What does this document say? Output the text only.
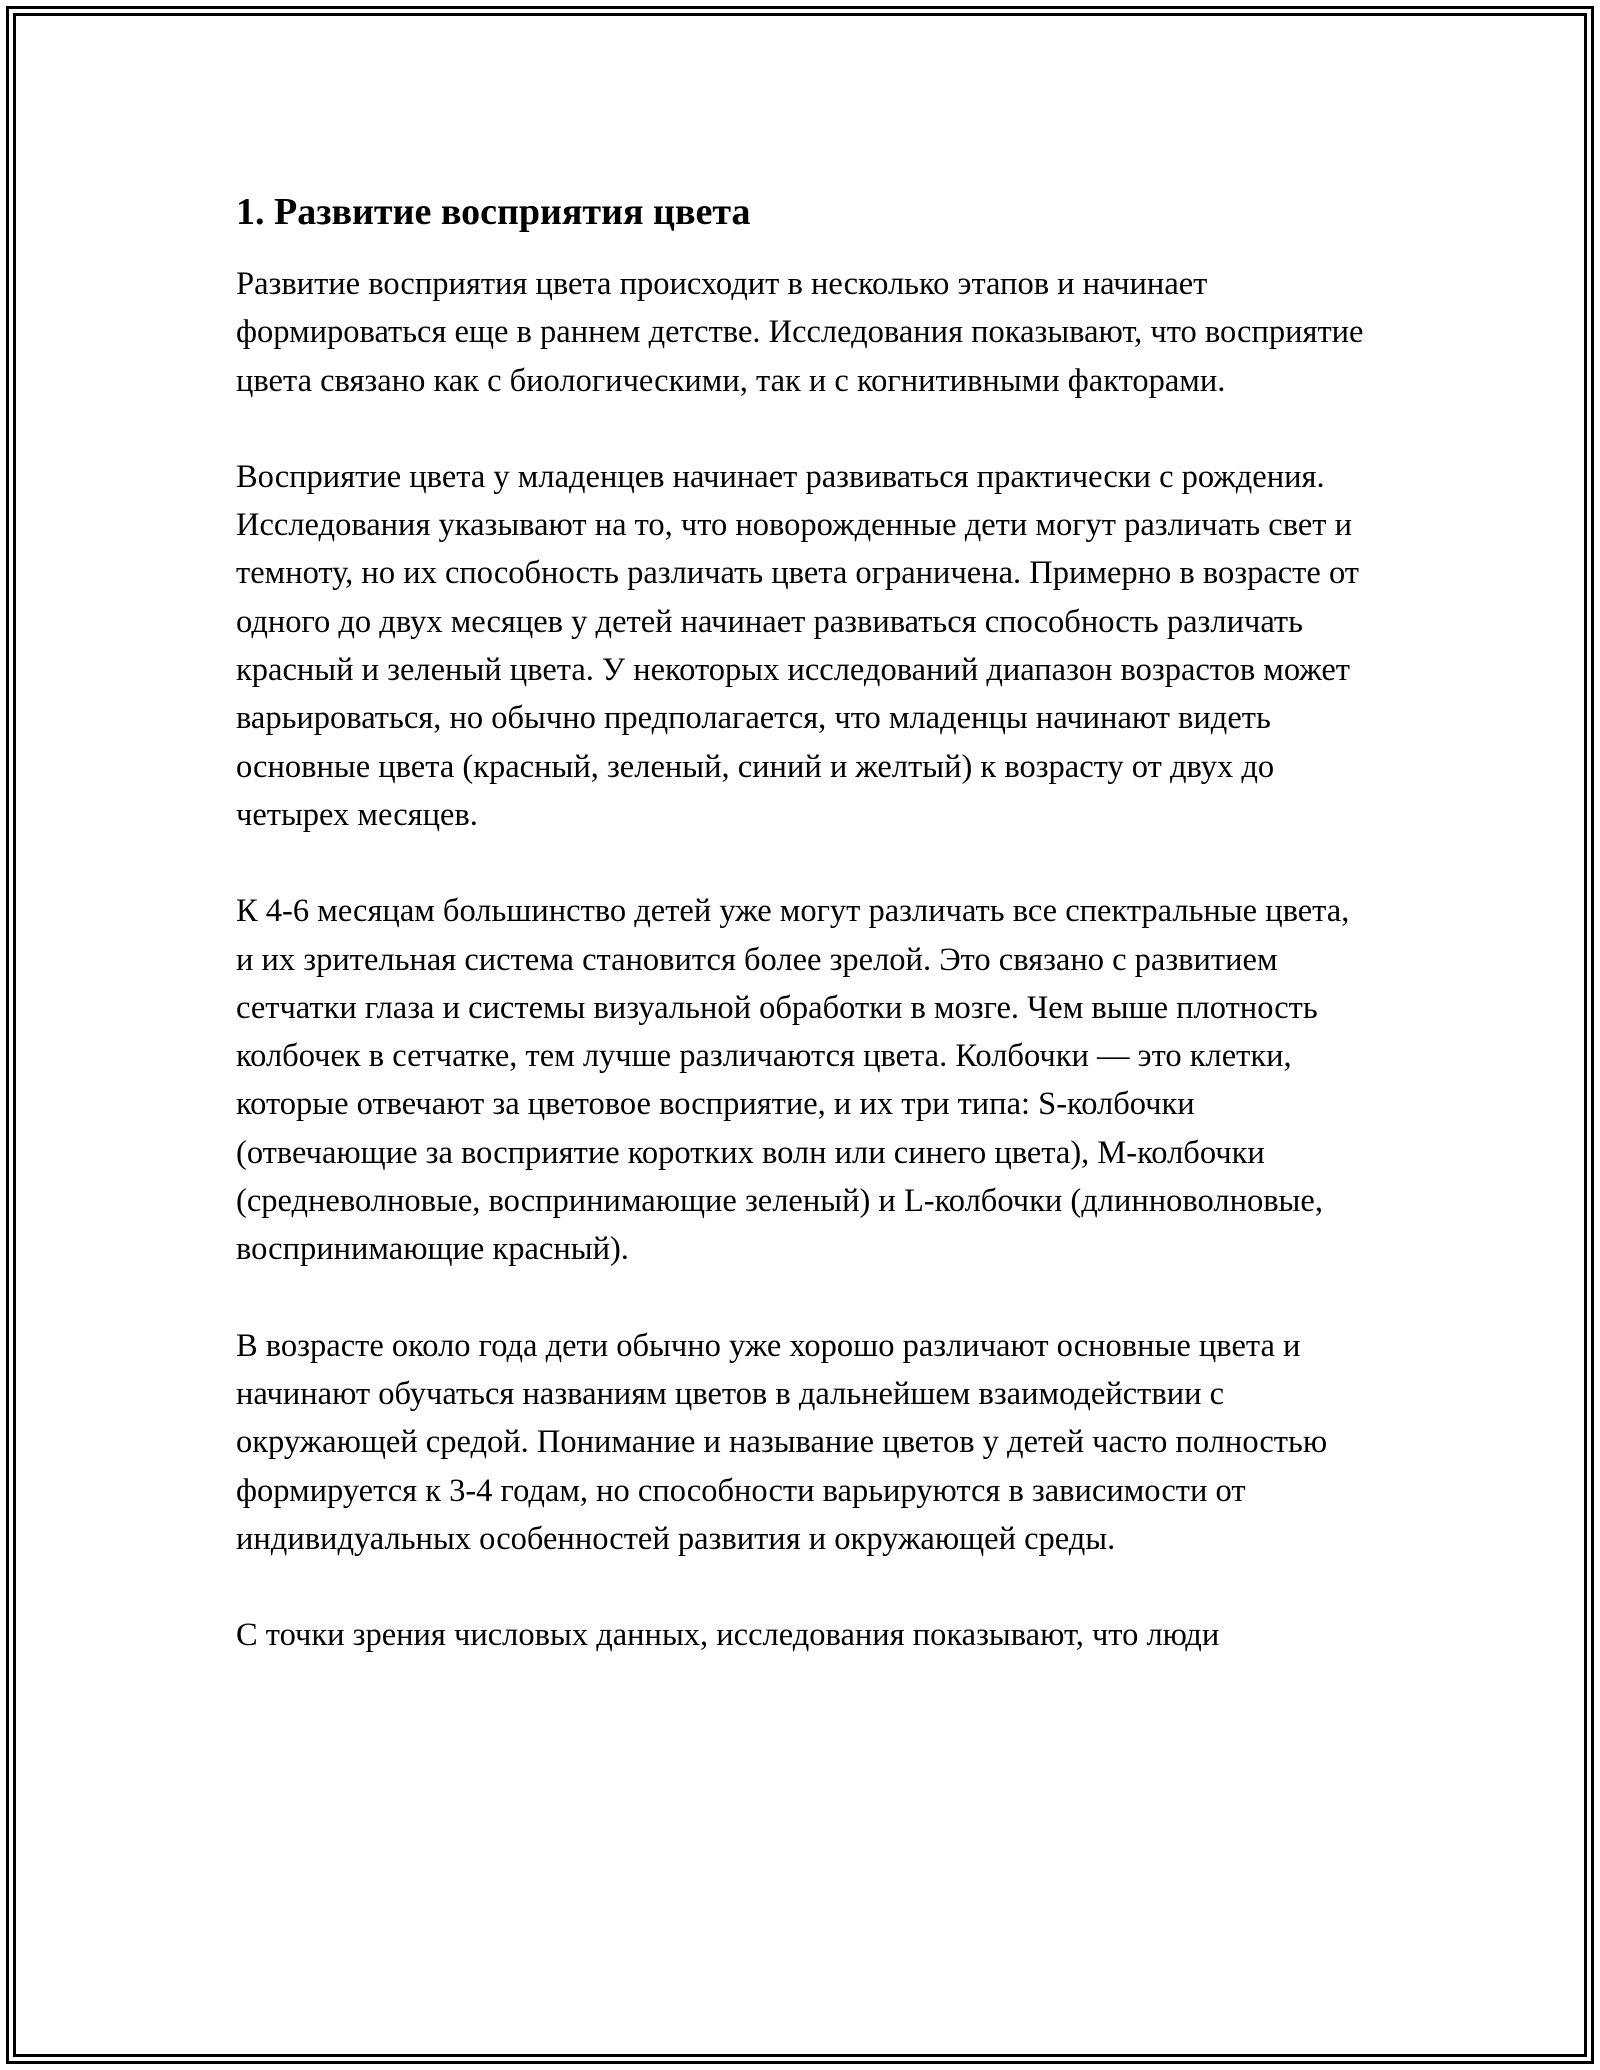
1. Развитие восприятия цвета

Развитие восприятия цвета происходит в несколько этапов и начинает формироваться еще в раннем детстве. Исследования показывают, что восприятие цвета связано как с биологическими, так и с когнитивными факторами.

Восприятие цвета у младенцев начинает развиваться практически с рождения. Исследования указывают на то, что новорожденные дети могут различать свет и темноту, но их способность различать цвета ограничена. Примерно в возрасте от одного до двух месяцев у детей начинает развиваться способность различать красный и зеленый цвета. У некоторых исследований диапазон возрастов может варьироваться, но обычно предполагается, что младенцы начинают видеть основные цвета (красный, зеленый, синий и желтый) к возрасту от двух до четырех месяцев.

К 4-6 месяцам большинство детей уже могут различать все спектральные цвета, и их зрительная система становится более зрелой. Это связано с развитием сетчатки глаза и системы визуальной обработки в мозге. Чем выше плотность колбочек в сетчатке, тем лучше различаются цвета. Колбочки — это клетки, которые отвечают за цветовое восприятие, и их три типа: S-колбочки (отвечающие за восприятие коротких волн или синего цвета), M-колбочки (средневолновые, воспринимающие зеленый) и L-колбочки (длинноволновые, воспринимающие красный).

В возрасте около года дети обычно уже хорошо различают основные цвета и начинают обучаться названиям цветов в дальнейшем взаимодействии с окружающей средой. Понимание и называние цветов у детей часто полностью формируется к 3-4 годам, но способности варьируются в зависимости от индивидуальных особенностей развития и окружающей среды.

С точки зрения числовых данных, исследования показывают, что люди
